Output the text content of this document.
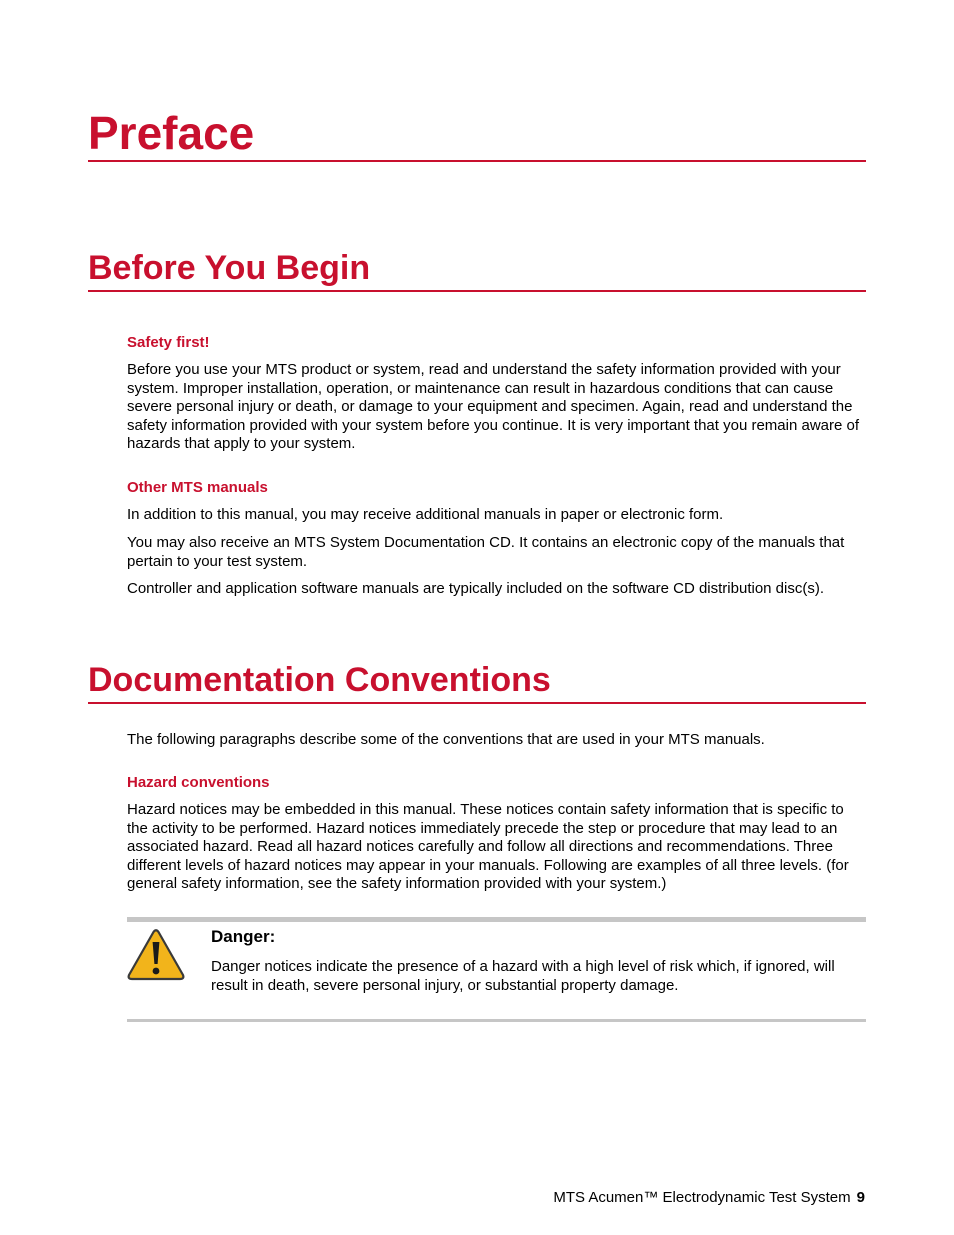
Preface
Before You Begin
Safety first!

Before you use your MTS product or system, read and understand the safety information provided with your system. Improper installation, operation, or maintenance can result in hazardous conditions that can cause severe personal injury or death, or damage to your equipment and specimen. Again, read and understand the safety information provided with your system before you continue. It is very important that you remain aware of hazards that apply to your system.

Other MTS manuals

In addition to this manual, you may receive additional manuals in paper or electronic form.

You may also receive an MTS System Documentation CD. It contains an electronic copy of the manuals that pertain to your test system.

Controller and application software manuals are typically included on the software CD distribution disc(s).

Documentation Conventions

The following paragraphs describe some of the conventions that are used in your MTS manuals.

Hazard conventions

Hazard notices may be embedded in this manual. These notices contain safety information that is specific to the activity to be performed. Hazard notices immediately precede the step or procedure that may lead to an associated hazard. Read all hazard notices carefully and follow all directions and recommendations. Three different levels of hazard notices may appear in your manuals. Following are examples of all three levels. (for general safety information, see the safety information provided with your system.)

Danger:

Danger notices indicate the presence of a hazard with a high level of risk which, if ignored, will result in death, severe personal injury, or substantial property damage.

MTS Acumen™ Electrodynamic Test System 9
